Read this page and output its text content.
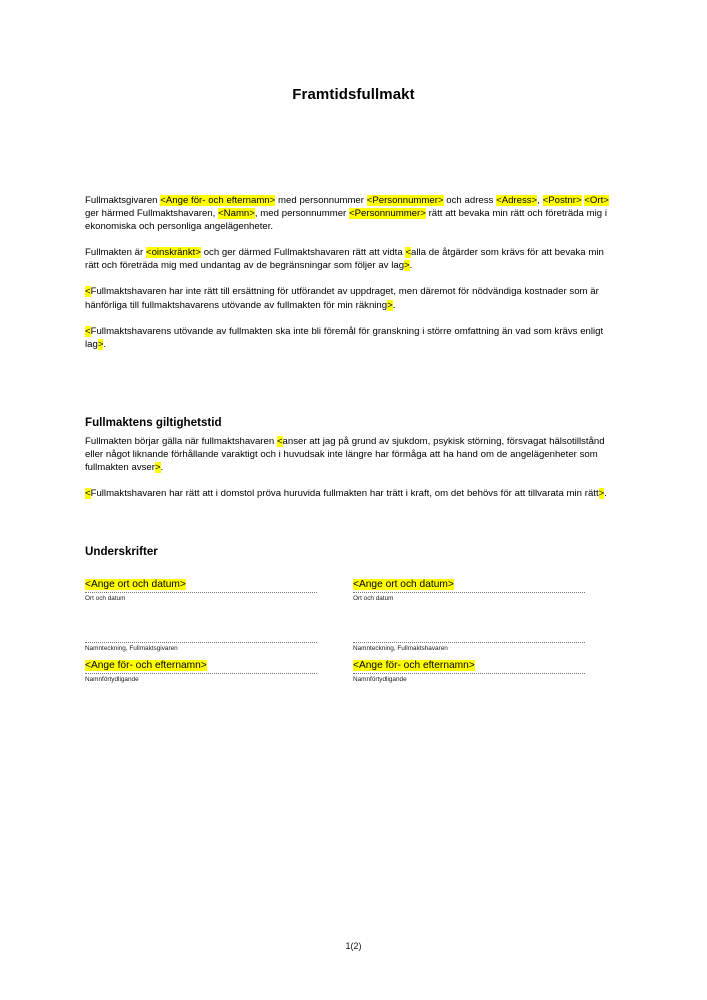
Framtidsfullmakt

Fullmaktsgivaren <Ange för- och efternamn> med personnummer <Personnummer> och adress <Adress>, <Postnr> <Ort> ger härmed Fullmaktshavaren, <Namn>, med personnummer <Personnummer> rätt att bevaka min rätt och företräda mig i ekonomiska och personliga angelägenheter.

Fullmakten är <oinskränkt> och ger därmed Fullmaktshavaren rätt att vidta <alla de åtgärder som krävs för att bevaka min rätt och företräda mig med undantag av de begränsningar som följer av lag>.

<Fullmaktshavaren har inte rätt till ersättning för utförandet av uppdraget, men däremot för nödvändiga kostnader som är hänförliga till fullmaktshavarens utövande av fullmakten för min räkning>.

<Fullmaktshavarens utövande av fullmakten ska inte bli föremål för granskning i större omfattning än vad som krävs enligt lag>.

Fullmaktens giltighetstid

Fullmakten börjar gälla när fullmaktshavaren <anser att jag på grund av sjukdom, psykisk störning, försvagat hälsotillstånd eller något liknande förhållande varaktigt och i huvudsak inte längre har förmåga att ha hand om de angelägenheter som fullmakten avser>.

<Fullmaktshavaren har rätt att i domstol pröva huruvida fullmakten har trätt i kraft, om det behövs för att tillvarata min rätt>.

Underskrifter
<Ange ort och datum>
Ort och datum
<Ange ort och datum>
Ort och datum
Namnteckning, Fullmaktsgivaren	Namnteckning, Fullmaktshavaren
<Ange för- och efternamn>
Namnförtydligande
<Ange för- och efternamn>
Namnförtydligande
1(2)
